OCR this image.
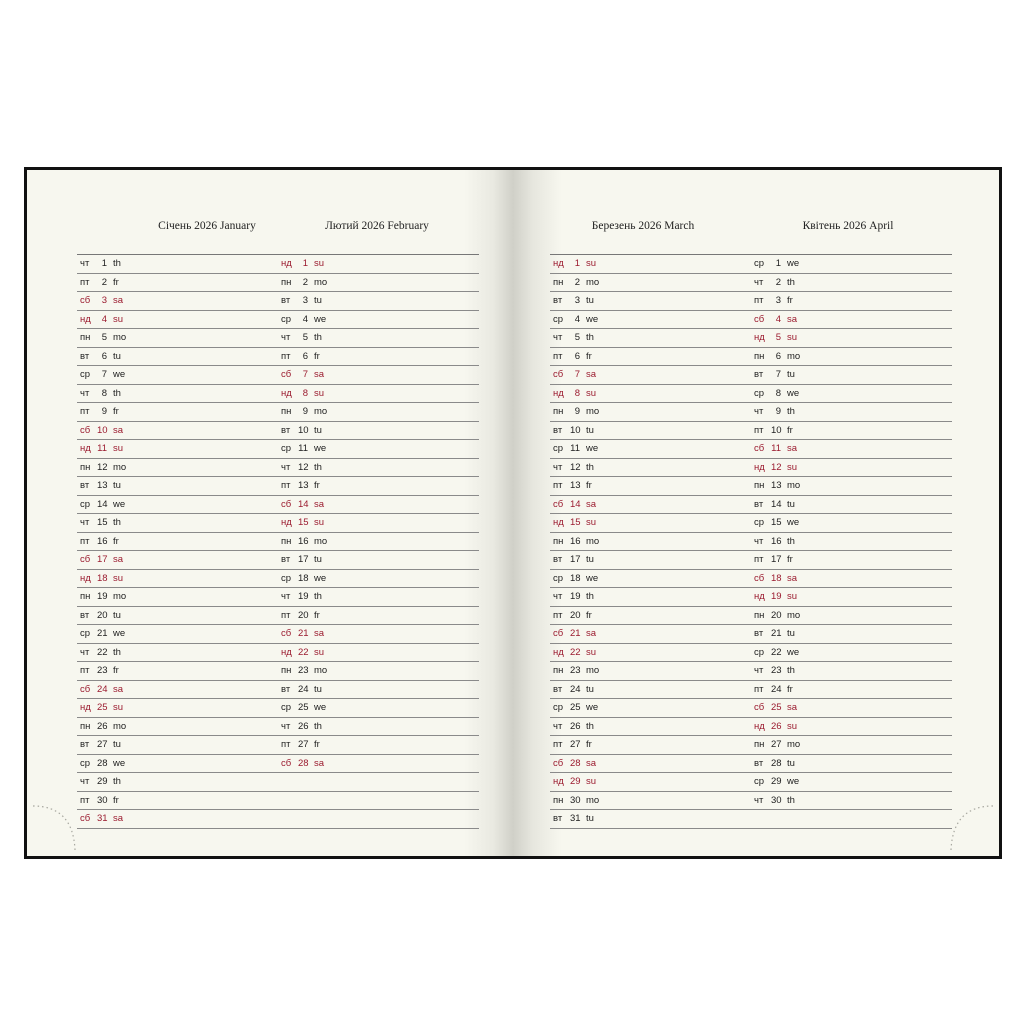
Січень 2026 January	Лютий 2026 February
чт	1 th
пт	2 fr
сб	3 sa
нд	4 su
пн	5 mo
вт	6 tu
ср	7 we
чт	8 th
пт	9 fr
сб 10 sa
нд 11 su
пн 12 mo
вт 13 tu
ср 14 we
чт 15 th
пт 16 fr
сб 17 sa
нд 18 su
пн 19 mo
вт 20 tu
ср 21 we
чт 22 th
пт 23 fr
сб 24 sa
нд 25 su
пн 26 mo
вт 27 tu
ср 28 we
чт 29 th
пт 30 fr
сб 31 sa
нд	1 su
пн	2 mo
вт	3 tu
ср	4 we
чт	5 th
пт	6 fr
сб	7 sa
нд	8 su
пн	9 mo
вт 10 tu
ср 11 we
чт 12 th
пт 13 fr
сб 14 sa
нд 15 su
пн 16 mo
вт 17 tu
ср 18 we
чт 19 th
пт 20 fr
сб 21 sa
нд 22 su
пн 23 mo
вт 24 tu
ср 25 we
чт 26 th
пт 27 fr
сб 28 sa
Березень 2026 March	Квітень 2026 April
нд	1 su
пн	2 mo
вт	3 tu
ср	4 we
чт	5 th
пт	6 fr
сб	7 sa
нд	8 su
пн	9 mo
вт 10 tu
ср 11 we
чт 12 th
пт 13 fr
сб 14 sa
нд 15 su
пн 16 mo
вт 17 tu
ср 18 we
чт 19 th
пт 20 fr
сб 21 sa
нд 22 su
пн 23 mo
вт 24 tu
ср 25 we
чт 26 th
пт 27 fr
сб 28 sa
нд 29 su
пн 30 mo
вт 31 tu
ср	1 we
чт	2 th
пт	3 fr
сб	4 sa
нд	5 su
пн	6 mo
вт	7 tu
ср	8 we
чт	9 th
пт 10 fr
сб 11 sa
нд 12 su
пн 13 mo
вт 14 tu
ср 15 we
чт 16 th
пт 17 fr
сб 18 sa
нд 19 su
пн 20 mo
вт 21 tu
ср 22 we
чт 23 th
пт 24 fr
сб 25 sa
нд 26 su
пн 27 mo
вт 28 tu
ср 29 we
чт 30 th
